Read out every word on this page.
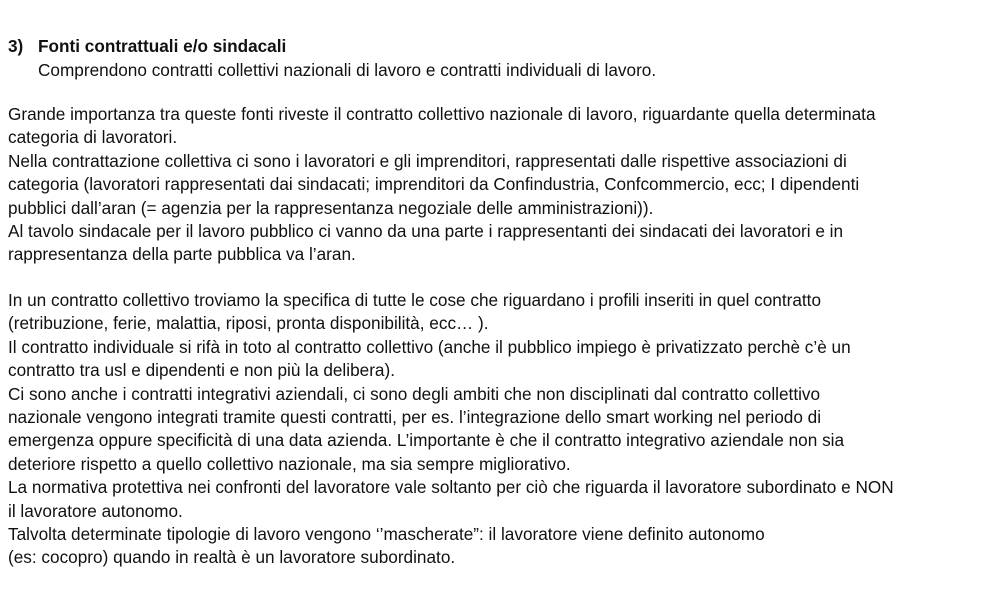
3) Fonti contrattuali e/o sindacali
Comprendono contratti collettivi nazionali di lavoro e contratti individuali di lavoro.
Grande importanza tra queste fonti riveste il contratto collettivo nazionale di lavoro, riguardante quella determinata
categoria di lavoratori.
Nella contrattazione collettiva ci sono i lavoratori e gli imprenditori, rappresentati dalle rispettive associazioni di
categoria (lavoratori rappresentati dai sindacati; imprenditori da Confindustria, Confcommercio, ecc; I dipendenti
pubblici dall’aran (= agenzia per la rappresentanza negoziale delle amministrazioni)).
Al tavolo sindacale per il lavoro pubblico ci vanno da una parte i rappresentanti dei sindacati dei lavoratori e in
rappresentanza della parte pubblica va l’aran.
In un contratto collettivo troviamo la specifica di tutte le cose che riguardano i profili inseriti in quel contratto
(retribuzione, ferie, malattia, riposi, pronta disponibilità, ecc… ).
Il contratto individuale si rifà in toto al contratto collettivo (anche il pubblico impiego è privatizzato perchè c’è un
contratto tra usl e dipendenti e non più la delibera).
Ci sono anche i contratti integrativi aziendali, ci sono degli ambiti che non disciplinati dal contratto collettivo
nazionale vengono integrati tramite questi contratti, per es. l’integrazione dello smart working nel periodo di
emergenza oppure specificità di una data azienda. L’importante è che il contratto integrativo aziendale non sia
deteriore rispetto a quello collettivo nazionale, ma sia sempre migliorativo.
La normativa protettiva nei confronti del lavoratore vale soltanto per ciò che riguarda il lavoratore subordinato e NON
il lavoratore autonomo.
Talvolta determinate tipologie di lavoro vengono ‘’mascherate”: il lavoratore viene definito autonomo
(es: cocopro) quando in realtà è un lavoratore subordinato.
